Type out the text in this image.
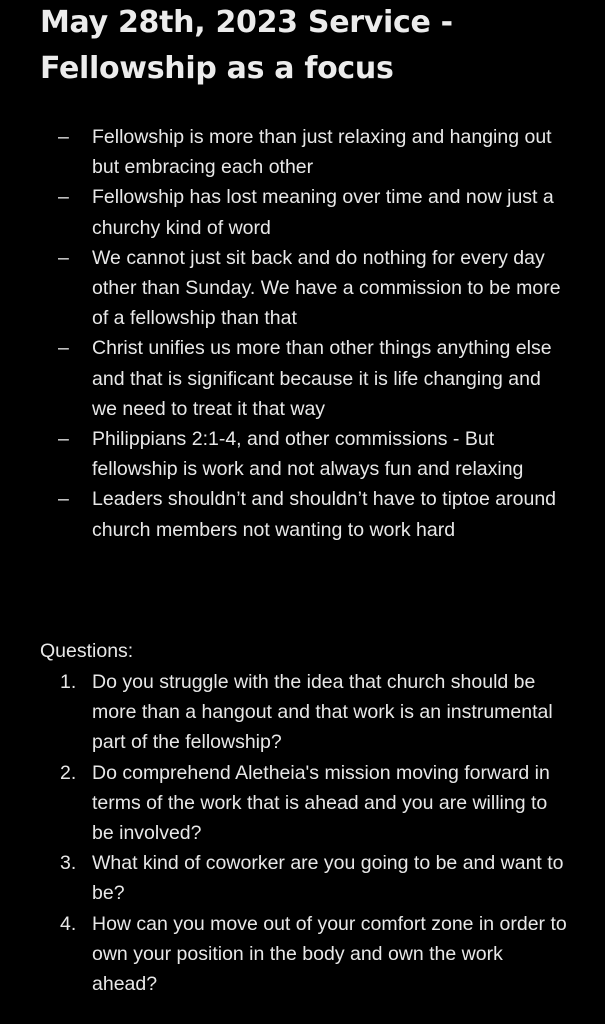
May 28th, 2023 Service -
Fellowship as a focus
–	Fellowship is more than just relaxing and hanging out but embracing each other
–	Fellowship has lost meaning over time and now just a churchy kind of word
–	We cannot just sit back and do nothing for every day other than Sunday. We have a commission to be more of a fellowship than that
–	Christ unifies us more than other things anything else and that is significant because it is life changing and we need to treat it that way
–	Philippians 2:1-4, and other commissions - But fellowship is work and not always fun and relaxing
–	Leaders shouldn’t and shouldn’t have to tiptoe around church members not wanting to work hard

Questions:

1. Do you struggle with the idea that church should be more than a hangout and that work is an instrumental part of the fellowship?
2. Do comprehend Aletheia's mission moving forward in terms of the work that is ahead and you are willing to be involved?
3. What kind of coworker are you going to be and want to be?
4. How can you move out of your comfort zone in order to own your position in the body and own the work ahead?
